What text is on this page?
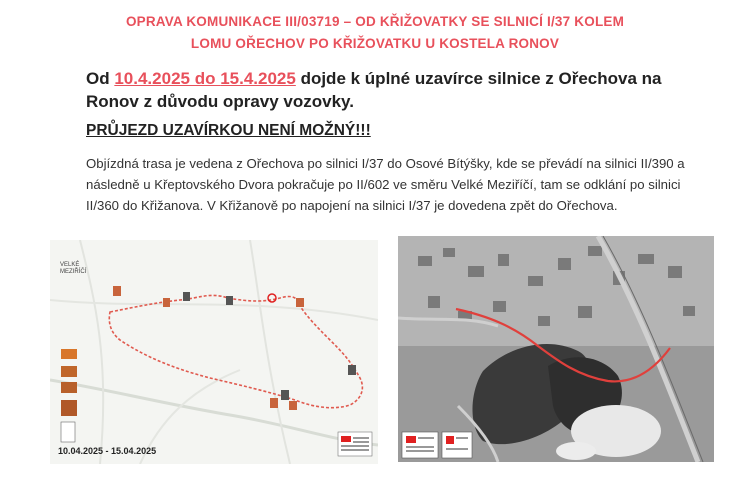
OPRAVA KOMUNIKACE III/03719 – OD KŘIŽOVATKY SE SILNICÍ I/37 KOLEM
LOMU OŘECHOV PO KŘIŽOVATKU U KOSTELA RONOV
Od 10.4.2025 do 15.4.2025 dojde k úplné uzavírce silnice z Ořechova na Ronov z důvodu opravy vozovky.
PRŮJEZD UZAVÍRKOU NENÍ MOŽNÝ!!!
Objízdná trasa je vedena z Ořechova po silnici I/37 do Osové Bítýšky, kde se převádí na silnici II/390 a následně u Křeptovského Dvora pokračuje po II/602 ve směru Velké Meziříčí, tam se odklání po silnici II/360 do Křižanova. V Křižanově po napojení na silnici I/37 je dovedena zpět do Ořechova.
VELKÉ
MEZIŘÍČÍ
10.04.2025 - 15.04.2025
